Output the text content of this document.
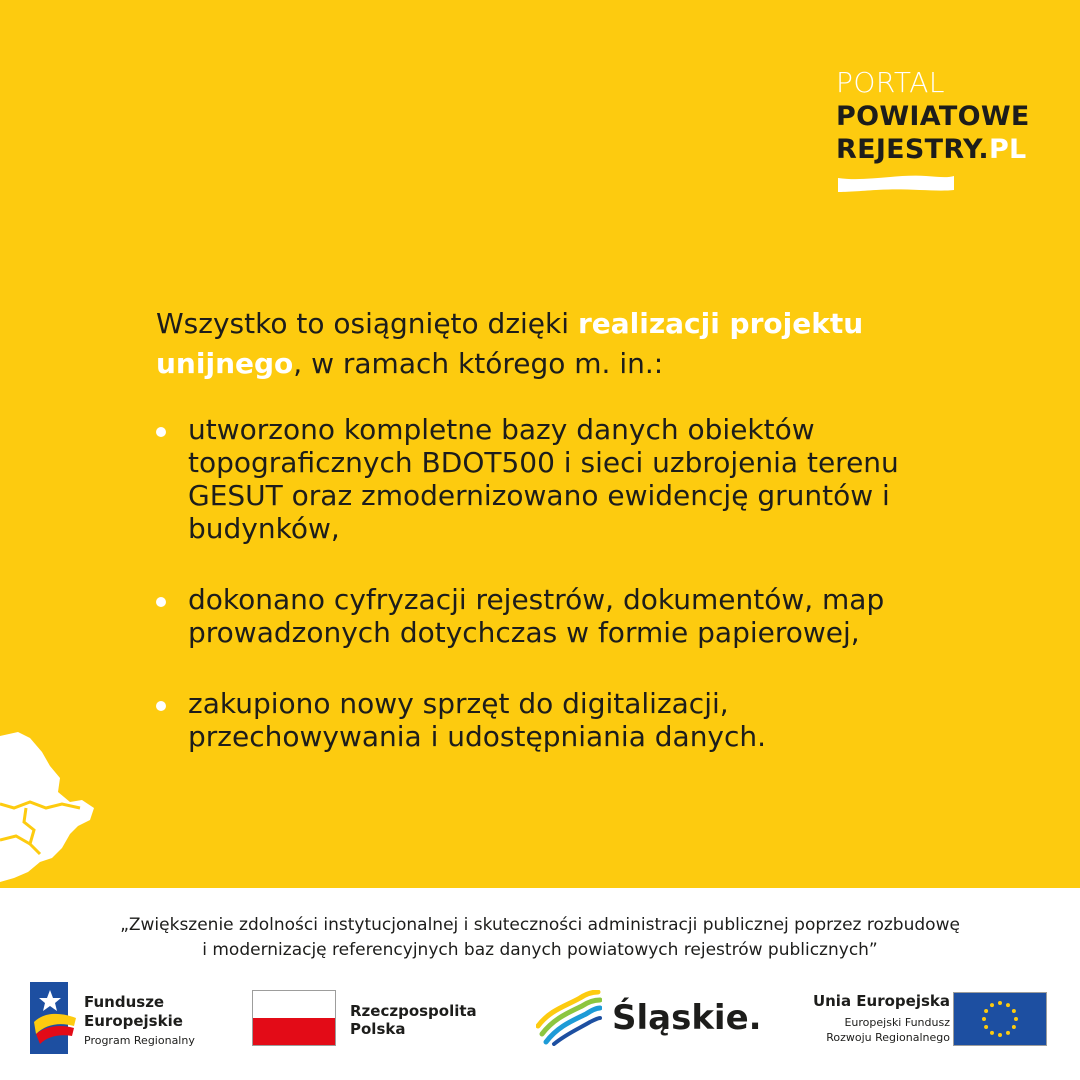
PORTAL
POWIATOWE
REJESTRY.PL

Wszystko to osiągnięto dzięki realizacji projektu unijnego, w ramach którego m. in.:

utworzono kompletne bazy danych obiektów topograficznych BDOT500 i sieci uzbrojenia terenu GESUT oraz zmodernizowano ewidencję gruntów i budynków,
dokonano cyfryzacji rejestrów, dokumentów, map prowadzonych dotychczas w formie papierowej,
zakupiono nowy sprzęt do digitalizacji, przechowywania i udostępniania danych.
„Zwiększenie zdolności instytucjonalnej i skuteczności administracji publicznej poprzez rozbudowę
i modernizację referencyjnych baz danych powiatowych rejestrów publicznych”
Fundusze
Europejskie
Program Regionalny
Rzeczpospolita
Polska	Śląskie.	Unia Europejska
Europejski Fundusz
Rozwoju Regionalnego
